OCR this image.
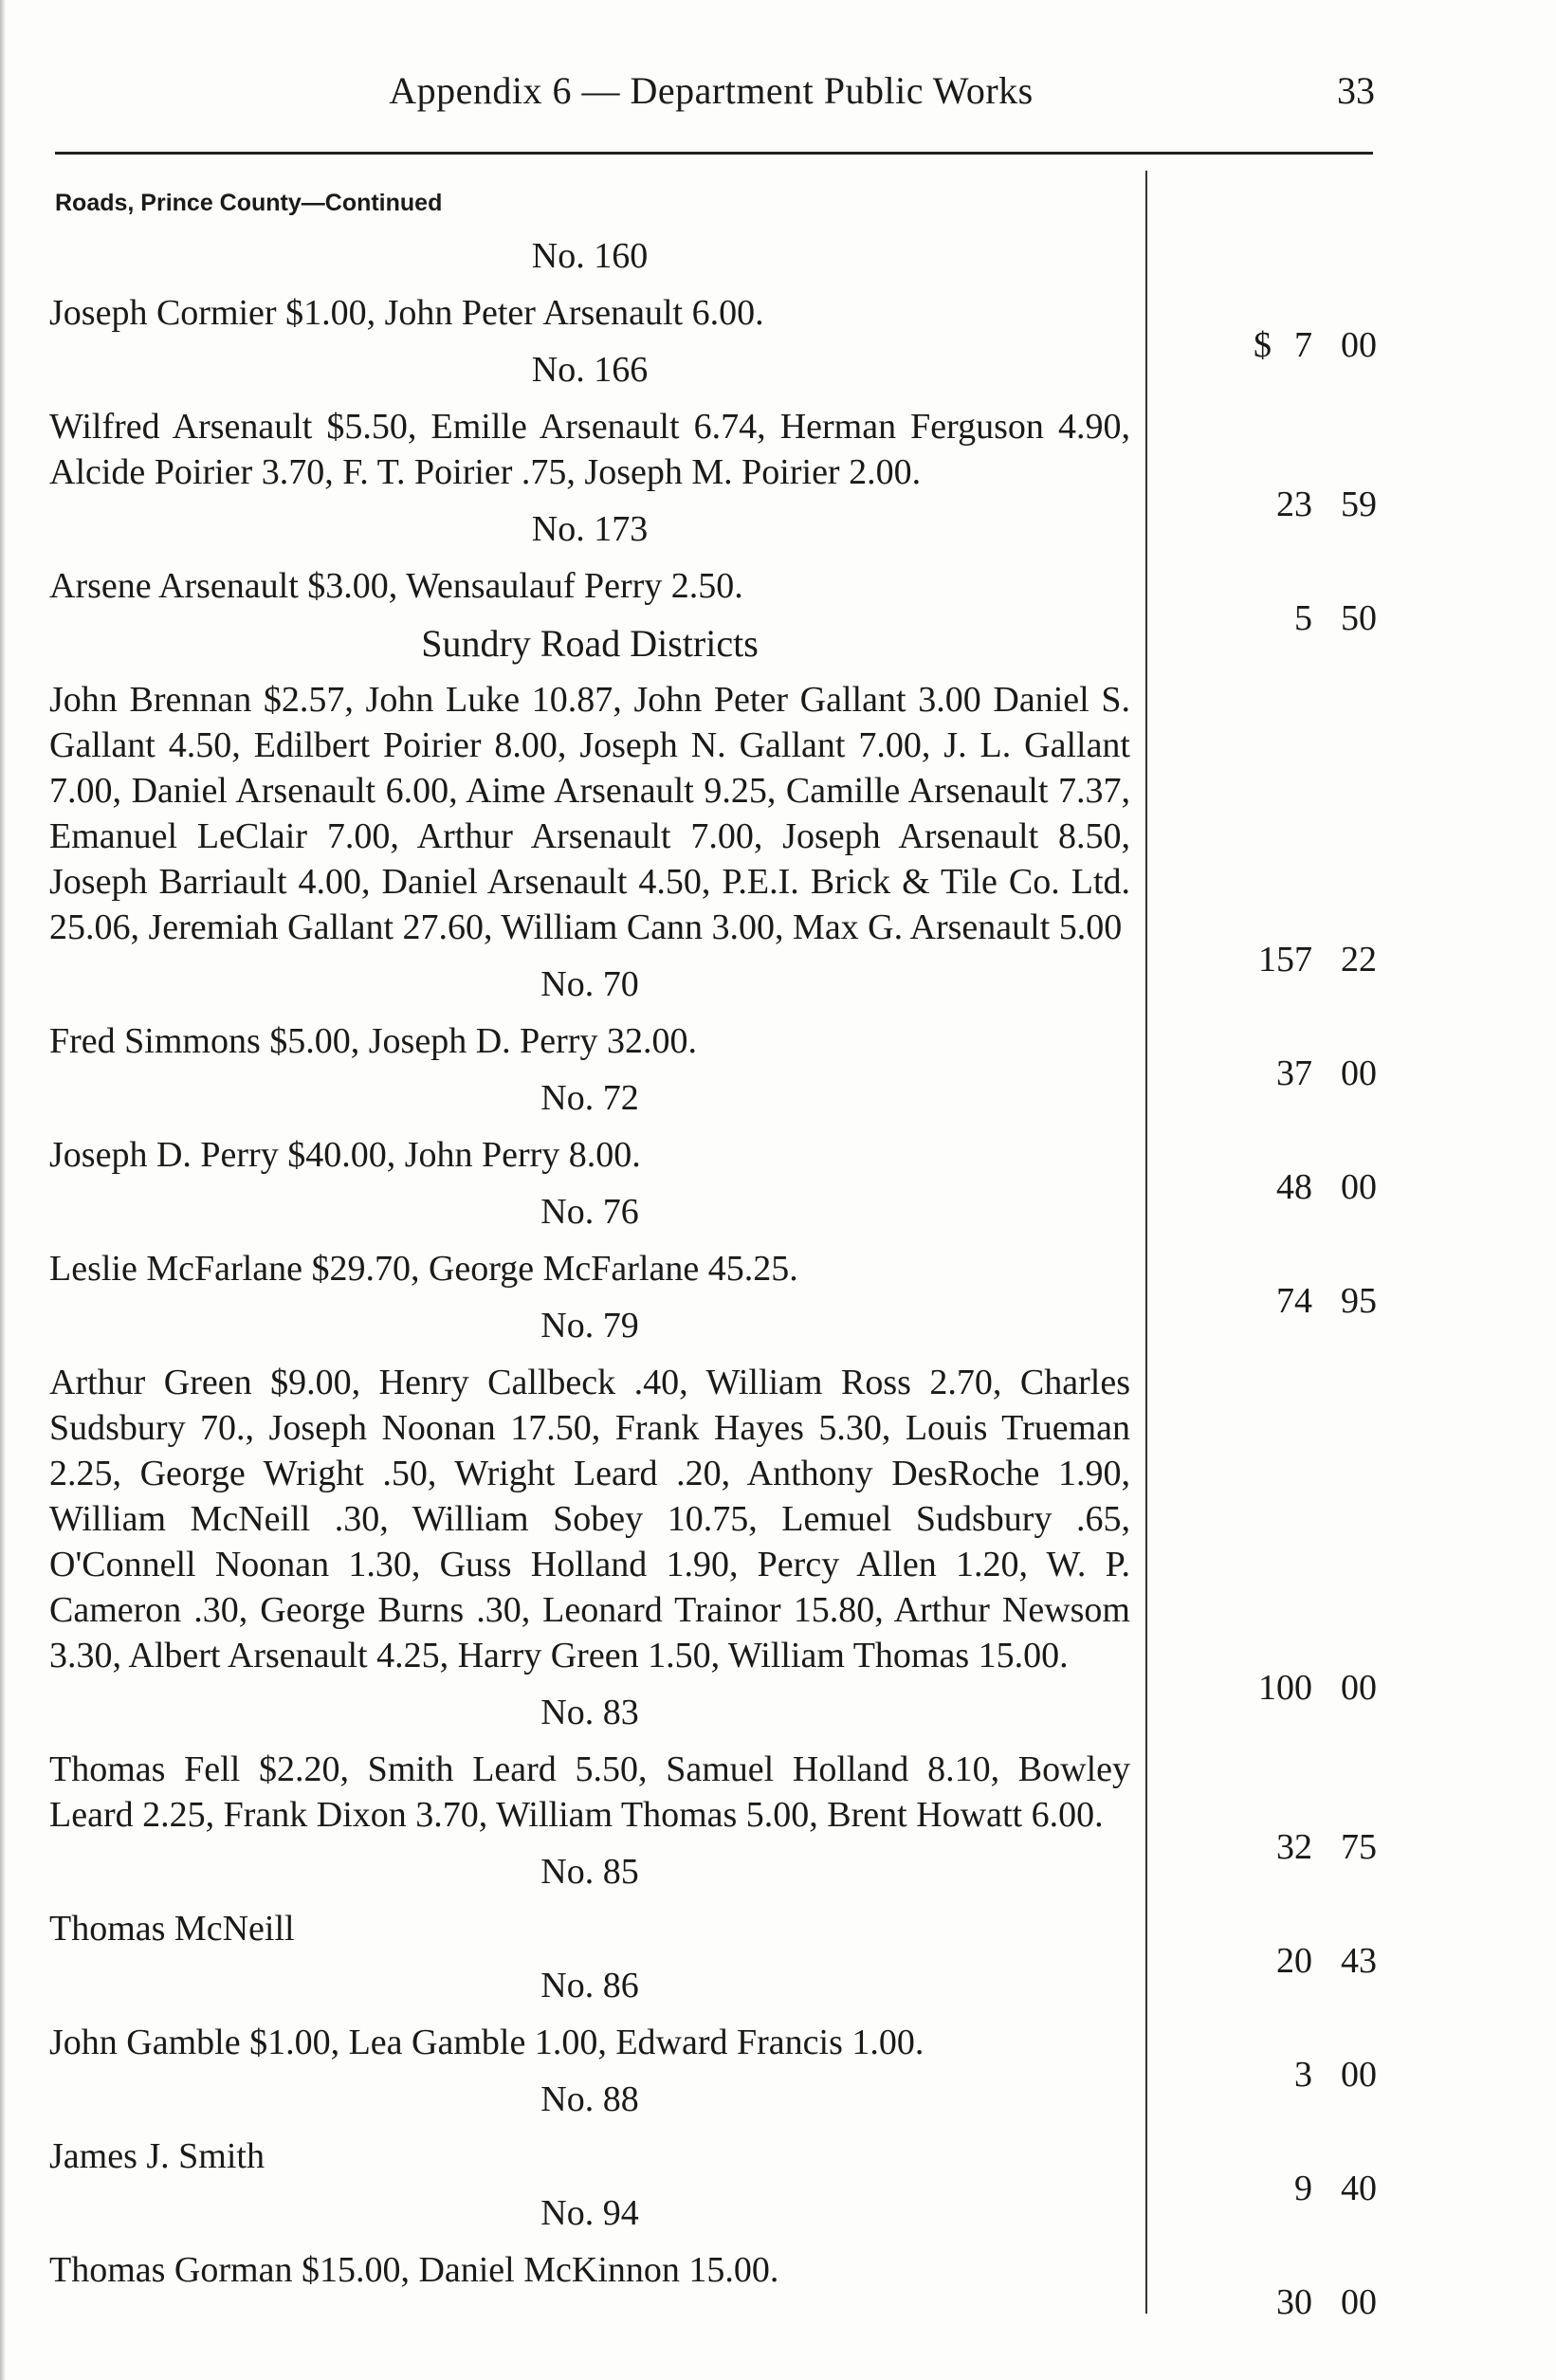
Appendix 6 — Department Public Works	33
Roads, Prince County—Continued
No. 160
Joseph Cormier $1.00, John Peter Arsenault 6.00.
$ 7 00
No. 166
Wilfred Arsenault $5.50, Emille Arsenault 6.74, Herman Ferguson 4.90, Alcide Poirier 3.70, F. T. Poirier .75, Joseph M. Poirier 2.00.
23 59
No. 173
Arsene Arsenault $3.00, Wensaulauf Perry 2.50.
5 50
Sundry Road Districts
John Brennan $2.57, John Luke 10.87, John Peter Gallant 3.00 Daniel S. Gallant 4.50, Edilbert Poirier 8.00, Joseph N. Gallant 7.00, J. L. Gallant 7.00, Daniel Arsenault 6.00, Aime Arsenault 9.25, Camille Arsenault 7.37, Emanuel LeClair 7.00, Arthur Arsenault 7.00, Joseph Arsenault 8.50, Joseph Barriault 4.00, Daniel Arsenault 4.50, P.E.I. Brick & Tile Co. Ltd. 25.06, Jeremiah Gallant 27.60, William Cann 3.00, Max G. Arsenault 5.00
157 22
No. 70
Fred Simmons $5.00, Joseph D. Perry 32.00.
37 00
No. 72
Joseph D. Perry $40.00, John Perry 8.00.
48 00
No. 76
Leslie McFarlane $29.70, George McFarlane 45.25.
74 95
No. 79
Arthur Green $9.00, Henry Callbeck .40, William Ross 2.70, Charles Sudsbury 70., Joseph Noonan 17.50, Frank Hayes 5.30, Louis Trueman 2.25, George Wright .50, Wright Leard .20, Anthony DesRoche 1.90, William McNeill .30, William Sobey 10.75, Lemuel Sudsbury .65, O'Connell Noonan 1.30, Guss Holland 1.90, Percy Allen 1.20, W. P. Cameron .30, George Burns .30, Leonard Trainor 15.80, Arthur Newsom 3.30, Albert Arsenault 4.25, Harry Green 1.50, William Thomas 15.00.
100 00
No. 83
Thomas Fell $2.20, Smith Leard 5.50, Samuel Holland 8.10, Bowley Leard 2.25, Frank Dixon 3.70, William Thomas 5.00, Brent Howatt 6.00.
32 75
No. 85
Thomas McNeill
20 43
No. 86
John Gamble $1.00, Lea Gamble 1.00, Edward Francis 1.00.
3 00
No. 88
James J. Smith
9 40
No. 94
Thomas Gorman $15.00, Daniel McKinnon 15.00.
30 00
